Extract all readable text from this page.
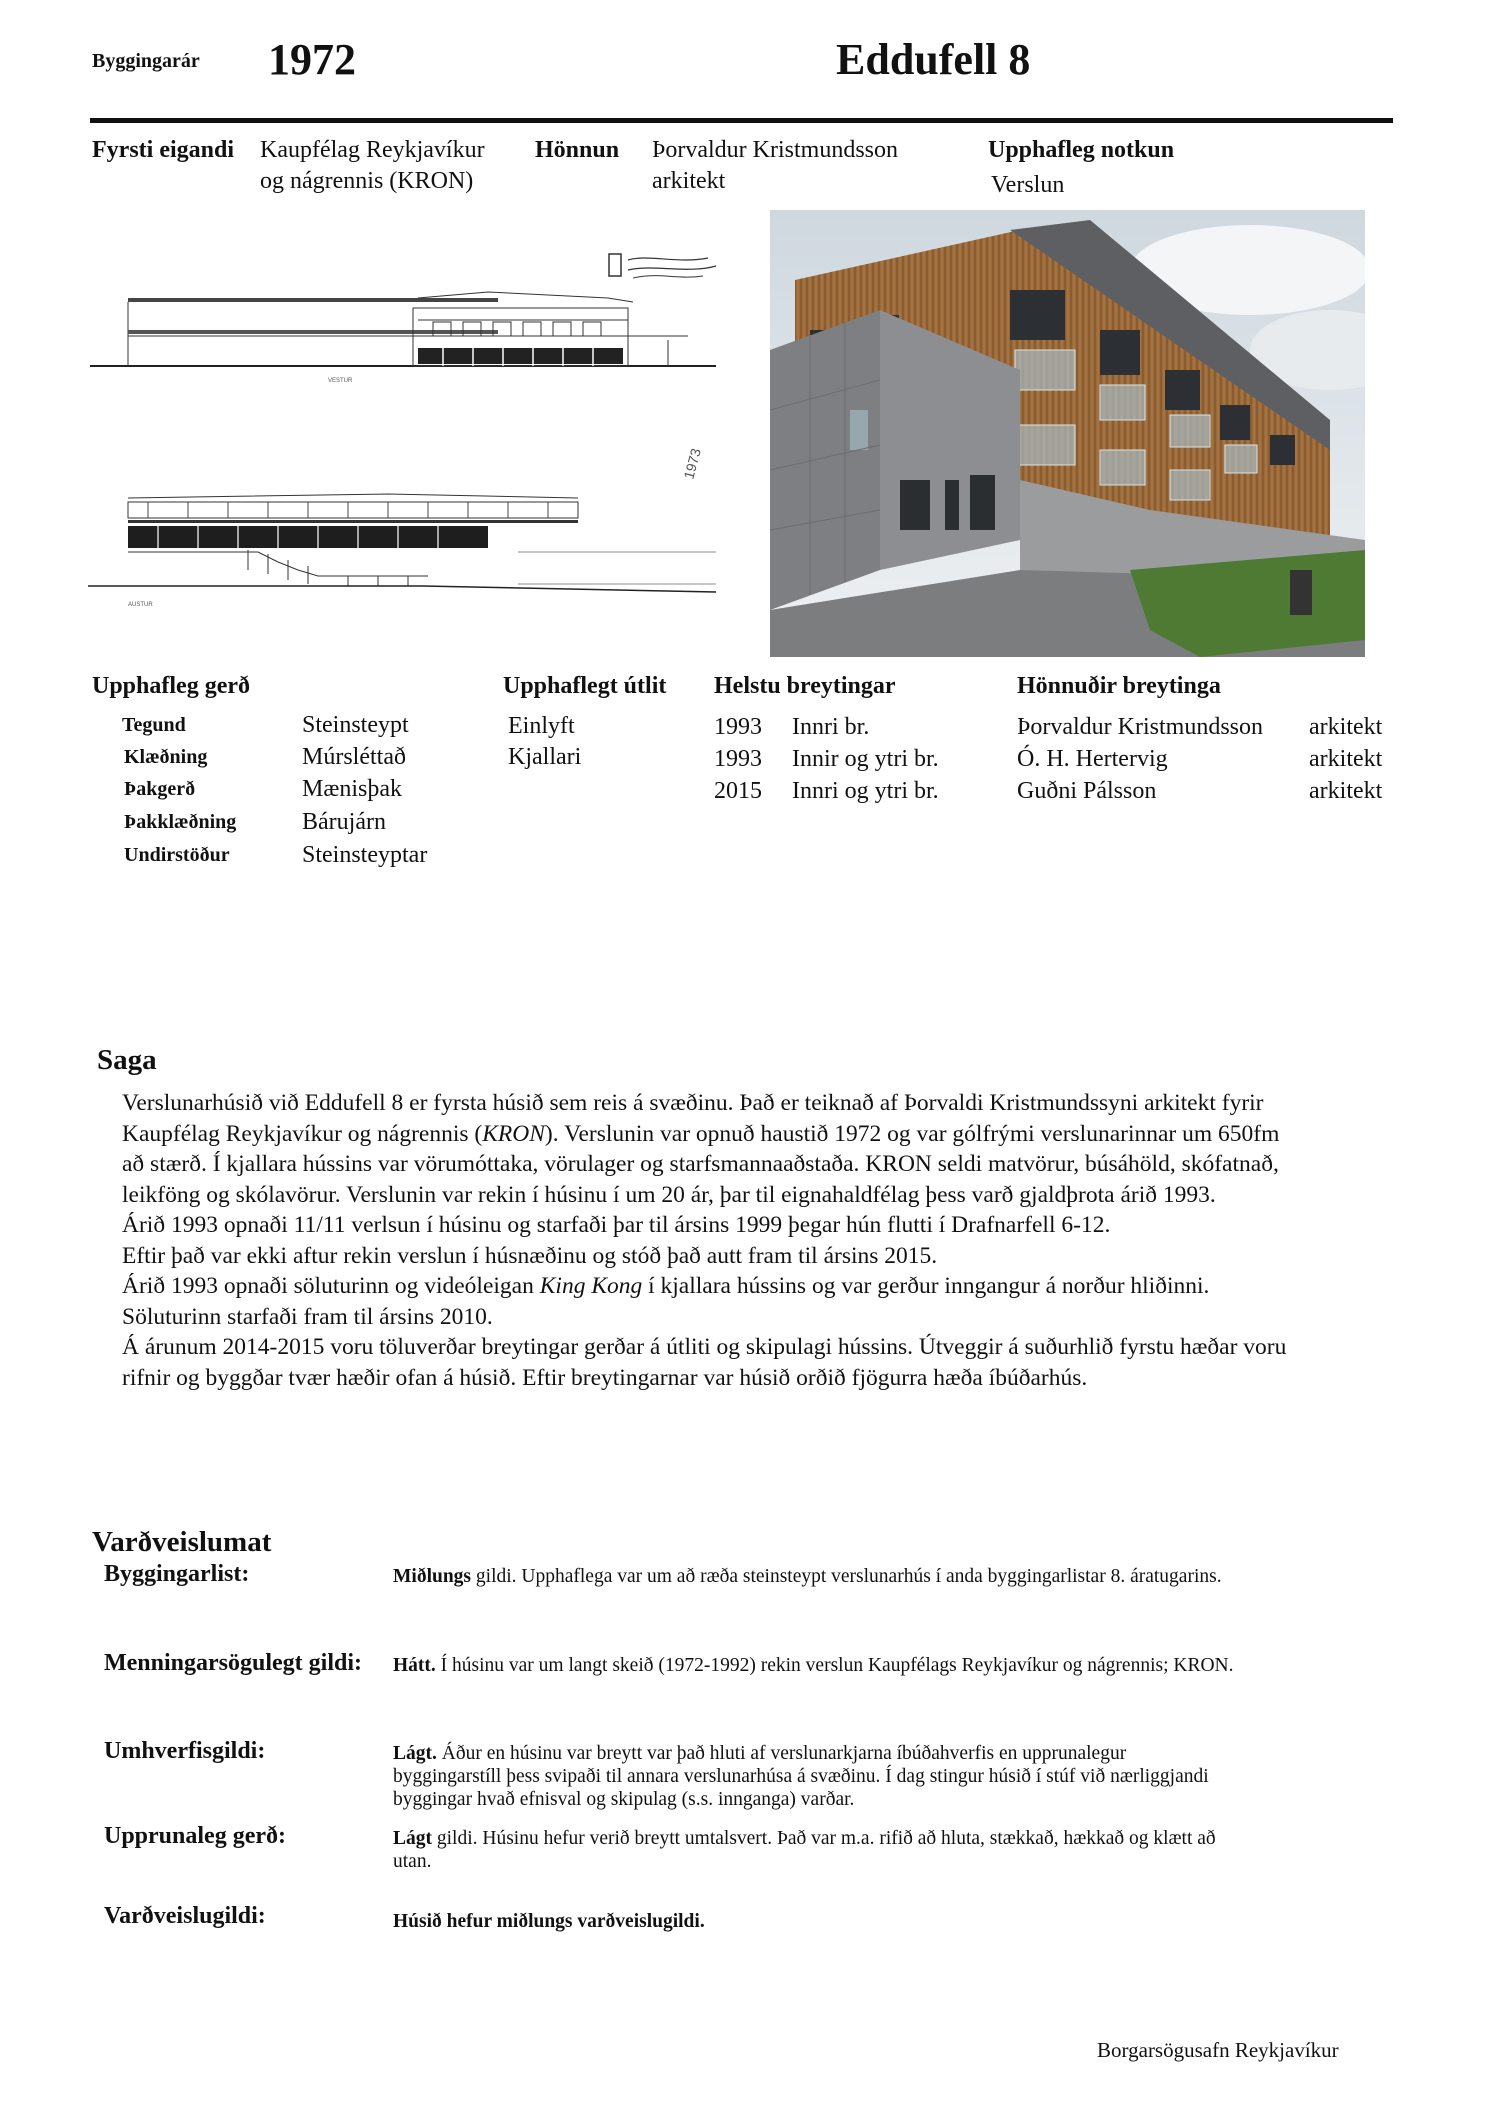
Byggingarár 1972	Eddufell 8
Fyrsti eigandi Kaupfélag Reykjavíkur
og nágrennis (KRON)
Hönnun Þorvaldur Kristmundsson
arkitekt
Upphafleg notkun
Verslun
VESTUR
1973
AUSTUR
Upphafleg gerð
Tegund	Steinsteypt
Klæðning	Múrsléttað
Þakgerð	Mænisþak
Þakklæðning	Bárujárn
Undirstöður	Steinsteyptar
Upphaflegt útlit
Einlyft
Kjallari
Helstu breytingar
1993	Innri br.
1993	Innir og ytri br.
2015	Innri og ytri br.
Hönnuðir breytinga
Þorvaldur Kristmundsson	arkitekt
Ó. H. Hertervig	arkitekt
Guðni Pálsson	arkitekt
Saga
Verslunarhúsið við Eddufell 8 er fyrsta húsið sem reis á svæðinu. Það er teiknað af Þorvaldi Kristmundssyni arkitekt fyrir
Kaupfélag Reykjavíkur og nágrennis (KRON). Verslunin var opnuð haustið 1972 og var gólfrými verslunarinnar um 650fm
að stærð. Í kjallara hússins var vörumóttaka, vörulager og starfsmannaaðstaða. KRON seldi matvörur, búsáhöld, skófatnað,
leikföng og skólavörur. Verslunin var rekin í húsinu í um 20 ár, þar til eignahaldfélag þess varð gjaldþrota árið 1993.
Árið 1993 opnaði 11/11 verlsun í húsinu og starfaði þar til ársins 1999 þegar hún flutti í Drafnarfell 6-12.
Eftir það var ekki aftur rekin verslun í húsnæðinu og stóð það autt fram til ársins 2015.
Árið 1993 opnaði söluturinn og videóleigan King Kong í kjallara hússins og var gerður inngangur á norður hliðinni.
Söluturinn starfaði fram til ársins 2010.
Á árunum 2014-2015 voru töluverðar breytingar gerðar á útliti og skipulagi hússins. Útveggir á suðurhlið fyrstu hæðar voru
rifnir og byggðar tvær hæðir ofan á húsið. Eftir breytingarnar var húsið orðið fjögurra hæða íbúðarhús.
Varðveislumat
Byggingarlist:	Miðlungs gildi. Upphaflega var um að ræða steinsteypt verslunarhús í anda byggingarlistar 8. áratugarins.
Menningarsögulegt gildi: Hátt. Í húsinu var um langt skeið (1972-1992) rekin verslun Kaupfélags Reykjavíkur og nágrennis; KRON.
Umhverfisgildi:	Lágt. Áður en húsinu var breytt var það hluti af verslunarkjarna íbúðahverfis en upprunalegur
byggingarstíll þess svipaði til annara verslunarhúsa á svæðinu. Í dag stingur húsið í stúf við nærliggjandi
byggingar hvað efnisval og skipulag (s.s. innganga) varðar.
Upprunaleg gerð:	Lágt gildi. Húsinu hefur verið breytt umtalsvert. Það var m.a. rifið að hluta, stækkað, hækkað og klætt að
utan.
Varðveislugildi:	Húsið hefur miðlungs varðveislugildi.
Borgarsögusafn Reykjavíkur
